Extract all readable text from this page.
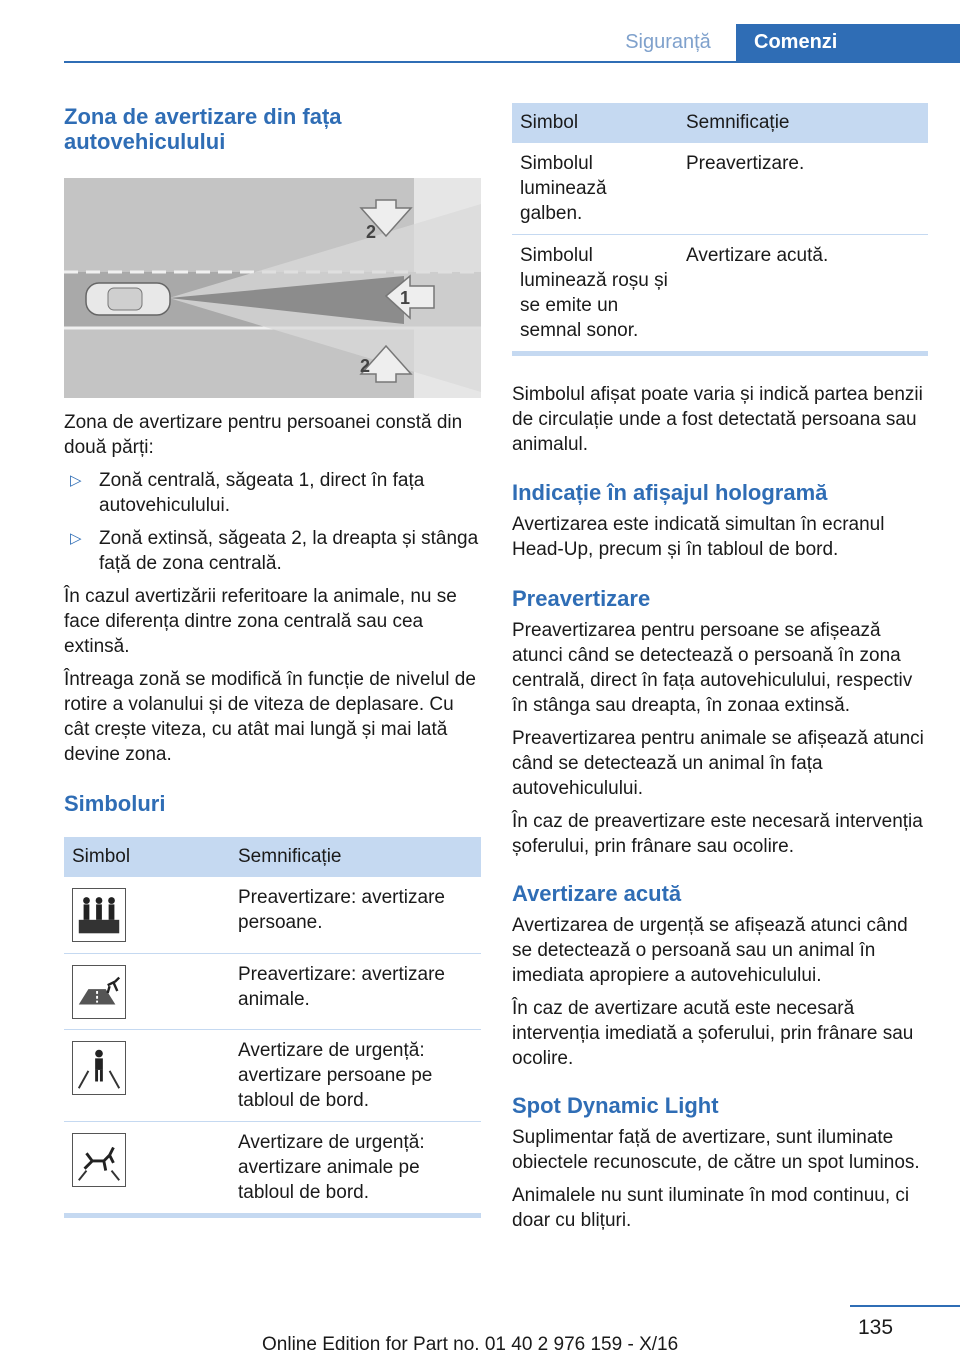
Siguranță	Comenzi
Zona de avertizare din fața autovehiculului
2
1
2

Zona de avertizare pentru persoanei constă din două părți:

▷ Zonă centrală, săgeata 1, direct în fața autovehiculului.
▷ Zonă extinsă, săgeata 2, la dreapta și stânga față de zona centrală.

În cazul avertizării referitoare la animale, nu se face diferența dintre zona centrală sau cea extinsă.

Întreaga zonă se modifică în funcție de nivelul de rotire a volanului și de viteza de deplasare. Cu cât crește viteza, cu atât mai lungă și mai lată devine zona.

Simboluri
Simbol	Semnificație

	Preavertizare: avertizare persoane.

	Preavertizare: avertizare animale.

	Avertizare de urgență: avertizare persoane pe tabloul de bord.

	Avertizare de urgență: avertizare animale pe tabloul de bord.
Simbol	Semnificație
Simbolul luminează galben.	Preavertizare.
Simbolul luminează roșu și se emite un semnal sonor.	Avertizare acută.

Simbolul afișat poate varia și indică partea benzii de circulație unde a fost detectată persoana sau animalul.

Indicație în afișajul hologramă

Avertizarea este indicată simultan în ecranul Head-Up, precum și în tabloul de bord.

Preavertizare

Preavertizarea pentru persoane se afișează atunci când se detectează o persoană în zona centrală, direct în fața autovehiculului, respectiv în stânga sau dreapta, în zonaa extinsă.

Preavertizarea pentru animale se afișează atunci când se detectează un animal în fața autovehiculului.

În caz de preavertizare este necesară intervenția șoferului, prin frânare sau ocolire.

Avertizare acută

Avertizarea de urgență se afișează atunci când se detectează o persoană sau un animal în imediata apropiere a autovehiculului.

În caz de avertizare acută este necesară intervenția imediată a șoferului, prin frânare sau ocolire.

Spot Dynamic Light

Suplimentar față de avertizare, sunt iluminate obiectele recunoscute, de către un spot luminos.

Animalele nu sunt iluminate în mod continuu, ci doar cu blițuri.

135
Online Edition for Part no. 01 40 2 976 159 - X/16
